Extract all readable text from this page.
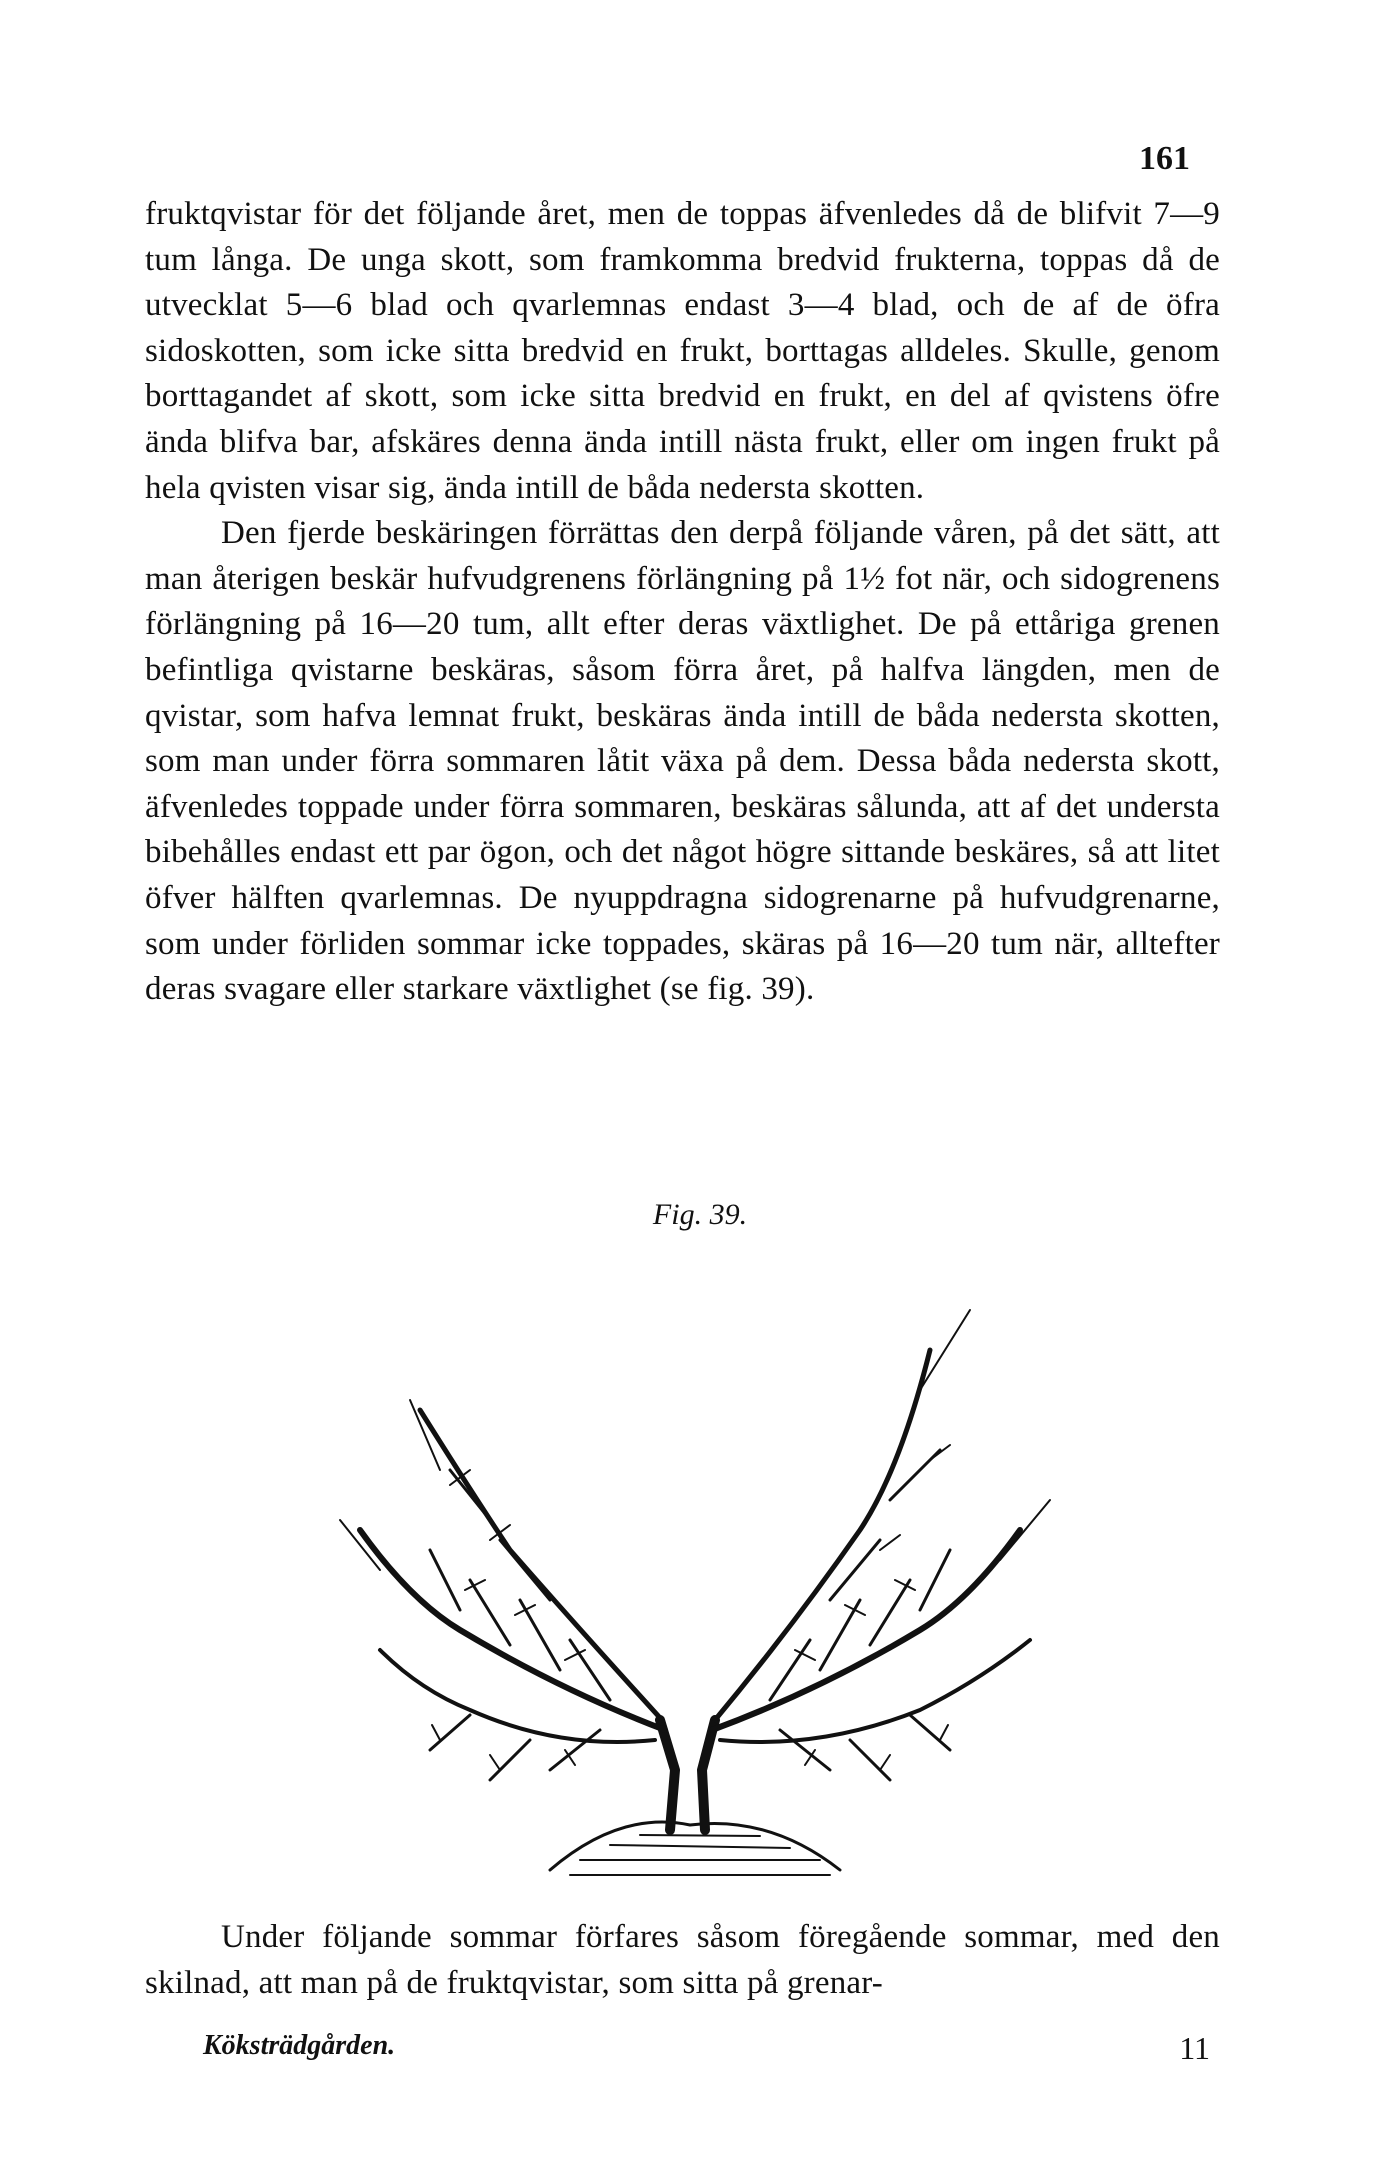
161

fruktqvistar för det följande året, men de toppas äfvenledes då de blifvit 7—9 tum långa. De unga skott, som framkomma bredvid frukterna, toppas då de utvecklat 5—6 blad och qvarlemnas endast 3—4 blad, och de af de öfra sidoskotten, som icke sitta bredvid en frukt, borttagas alldeles. Skulle, genom borttagandet af skott, som icke sitta bredvid en frukt, en del af qvistens öfre ända blifva bar, afskäres denna ända intill nästa frukt, eller om ingen frukt på hela qvisten visar sig, ända intill de båda nedersta skotten.

Den fjerde beskäringen förrättas den derpå följande våren, på det sätt, att man återigen beskär hufvudgrenens förlängning på 1½ fot när, och sidogrenens förlängning på 16—20 tum, allt efter deras växtlighet. De på ettåriga grenen befintliga qvistarne beskäras, såsom förra året, på halfva längden, men de qvistar, som hafva lemnat frukt, beskäras ända intill de båda nedersta skotten, som man under förra sommaren låtit växa på dem. Dessa båda nedersta skott, äfvenledes toppade under förra sommaren, beskäras sålunda, att af det understa bibehålles endast ett par ögon, och det något högre sittande beskäres, så att litet öfver hälften qvarlemnas. De nyuppdragna sidogrenarne på hufvudgrenarne, som under förliden sommar icke toppades, skäras på 16—20 tum när, alltefter deras svagare eller starkare växtlighet (se fig. 39).

Fig. 39.

Under följande sommar förfares såsom föregående sommar, med den skilnad, att man på de fruktqvistar, som sitta på grenar-

Köksträdgården.	11
